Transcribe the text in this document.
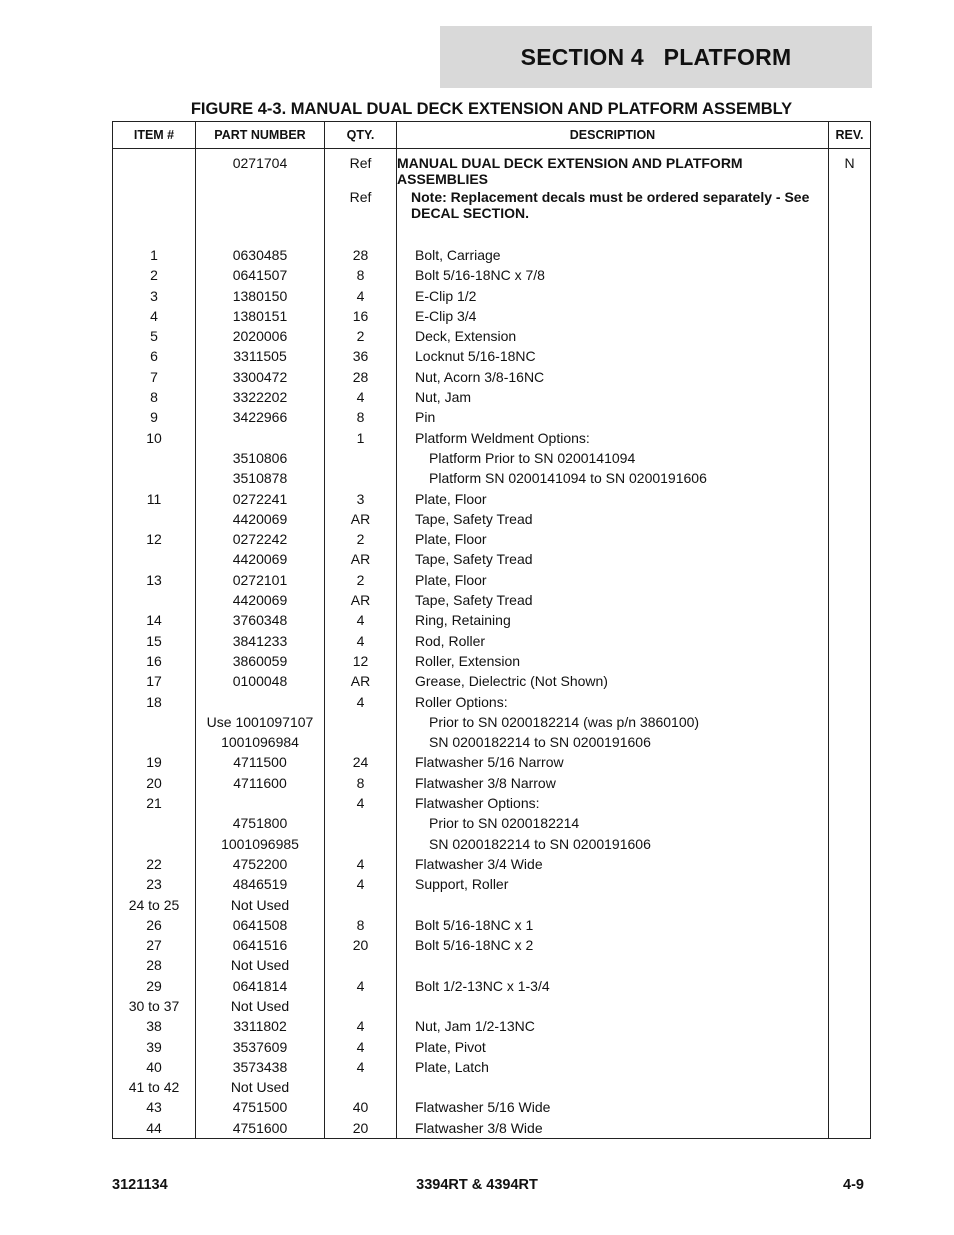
SECTION 4   PLATFORM
FIGURE 4-3. MANUAL DUAL DECK EXTENSION AND PLATFORM ASSEMBLY
ITEM #	PART NUMBER	QTY.	DESCRIPTION	REV.
	0271704	Ref	MANUAL DUAL DECK EXTENSION AND PLATFORM ASSEMBLIES	N
		Ref	Note: Replacement decals must be ordered separately - See DECAL SECTION.	

1	0630485	28	Bolt, Carriage	

2	0641507	8	Bolt 5/16-18NC x 7/8	

3	1380150	4	E-Clip 1/2	

4	1380151	16	E-Clip 3/4	

5	2020006	2	Deck, Extension	

6	3311505	36	Locknut 5/16-18NC	

7	3300472	28	Nut, Acorn 3/8-16NC	

8	3322202	4	Nut, Jam	

9	3422966	8	Pin	

10		1	Platform Weldment Options:	

	3510806		Platform Prior to SN 0200141094	

	3510878		Platform SN 0200141094 to SN 0200191606	

11	0272241	3	Plate, Floor	

	4420069	AR	Tape, Safety Tread	

12	0272242	2	Plate, Floor	

	4420069	AR	Tape, Safety Tread	

13	0272101	2	Plate, Floor	

	4420069	AR	Tape, Safety Tread	

14	3760348	4	Ring, Retaining	

15	3841233	4	Rod, Roller	

16	3860059	12	Roller, Extension	

17	0100048	AR	Grease, Dielectric (Not Shown)	

18		4	Roller Options:	

	Use 1001097107		Prior to SN 0200182214 (was p/n 3860100)	

	1001096984		SN 0200182214 to SN 0200191606	

19	4711500	24	Flatwasher 5/16 Narrow	

20	4711600	8	Flatwasher 3/8 Narrow	

21		4	Flatwasher Options:	

	4751800		Prior to SN 0200182214	

	1001096985		SN 0200182214 to SN 0200191606	

22	4752200	4	Flatwasher 3/4 Wide	

23	4846519	4	Support, Roller	

24 to 25	Not Used		

26	0641508	8	Bolt 5/16-18NC x 1	

27	0641516	20	Bolt 5/16-18NC x 2	

28	Not Used		

29	0641814	4	Bolt 1/2-13NC x 1-3/4	

30 to 37	Not Used		

38	3311802	4	Nut, Jam 1/2-13NC	

39	3537609	4	Plate, Pivot	

40	3573438	4	Plate, Latch	

41 to 42	Not Used		

43	4751500	40	Flatwasher 5/16 Wide	

44	4751600	20	Flatwasher 3/8 Wide	

3121134	3394RT & 4394RT	4-9
